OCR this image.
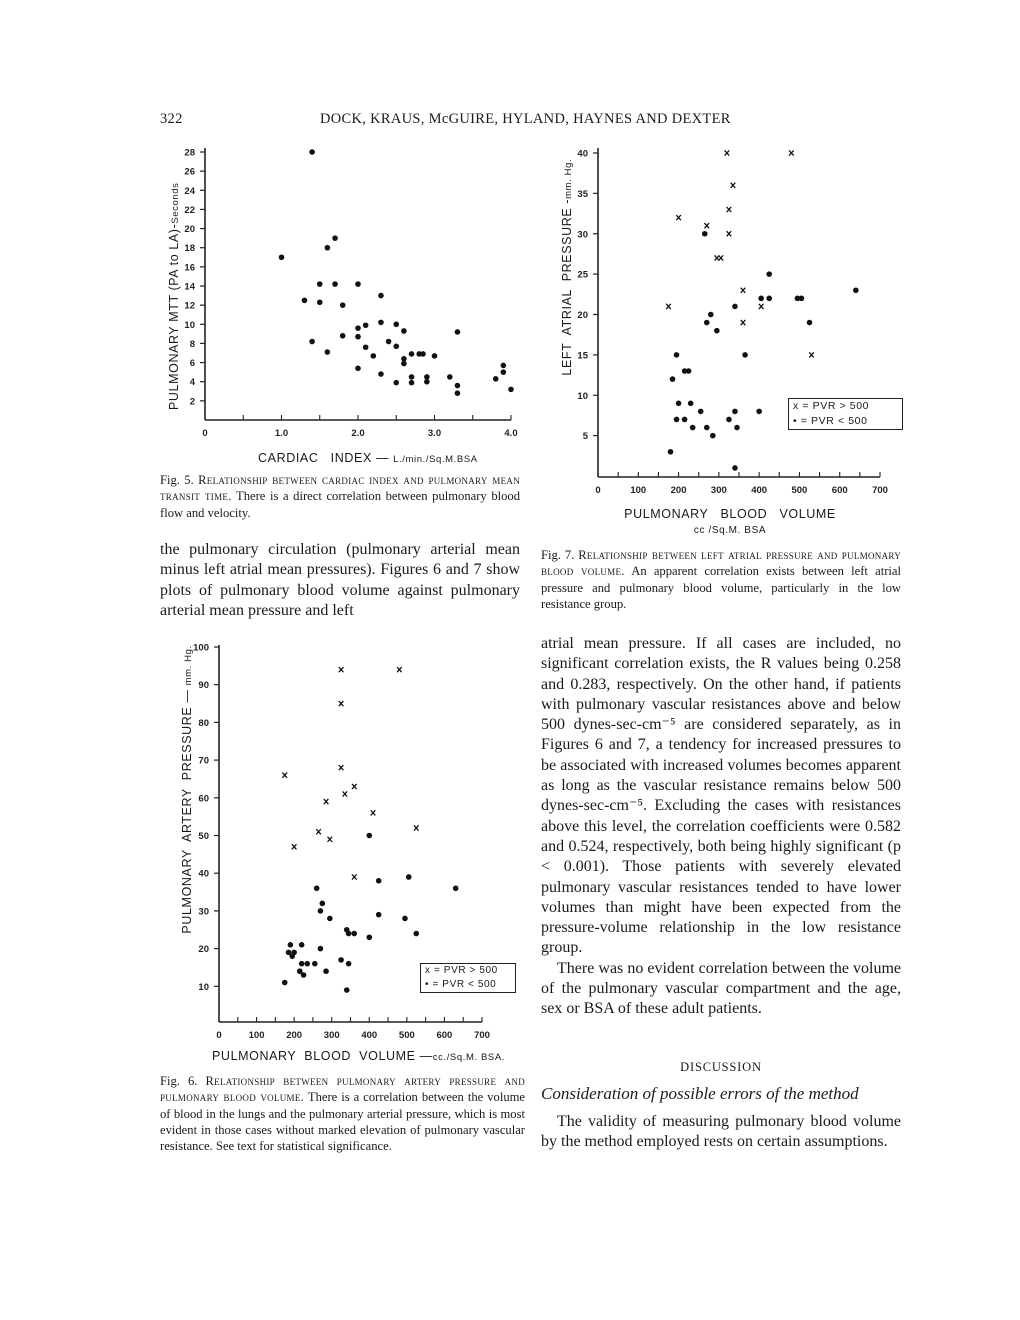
322	DOCK, KRAUS, McGUIRE, HYLAND, HAYNES AND DEXTER
PULMONARY MTT (PA to LA)-Seconds
CARDIAC   INDEX — L./min./Sq.M.BSA
Fig. 5. Relationship between cardiac index and pulmonary mean transit time. There is a direct correlation between pulmonary blood flow and velocity.

the pulmonary circulation (pulmonary arterial mean minus left atrial mean pressures). Figures 6 and 7 show plots of pulmonary blood volume against pulmonary arterial mean pressure and left

LEFT  ATRIAL  PRESSURE -mm. Hg.

PULMONARY   BLOOD   VOLUME
cc /Sq.M. BSA
Fig. 7. Relationship between left atrial pressure and pulmonary blood volume. An apparent correlation exists between left atrial pressure and pulmonary blood volume, particularly in the low resistance group.
x = PVR > 500
• = PVR < 500

atrial mean pressure. If all cases are included, no significant correlation exists, the R values being 0.258 and 0.283, respectively. On the other hand, if patients with pulmonary vascular resistances above and below 500 dynes-sec-cm⁻⁵ are considered separately, as in Figures 6 and 7, a tendency for increased pressures to be associated with increased volumes becomes apparent as long as the vascular resistance remains below 500 dynes-sec-cm⁻⁵. Excluding the cases with resistances above this level, the correlation coefficients were 0.582 and 0.524, respectively, both being highly significant (p < 0.001). Those patients with severely elevated pulmonary vascular resistances tended to have lower volumes than might have been expected from the pressure-volume relationship in the low resistance group.

There was no evident correlation between the volume of the pulmonary vascular compartment and the age, sex or BSA of these adult patients.

PULMONARY  ARTERY  PRESSURE — mm. Hg.

PULMONARY  BLOOD  VOLUME —cc./Sq.M. BSA.
Fig. 6. Relationship between pulmonary artery pressure and pulmonary blood volume. There is a correlation between the volume of blood in the lungs and the pulmonary arterial pressure, which is most evident in those cases without marked elevation of pulmonary vascular resistance. See text for statistical significance.
x = PVR > 500
• = PVR < 500
DISCUSSION
Consideration of possible errors of the method

The validity of measuring pulmonary blood volume by the method employed rests on certain assumptions.

2
4
6
8
10
12
14
16
18
20
22
24
26
28
0	1.0	2.0	3.0	4.0	5
10
15
20
25
30
35
40
0	100	200	300	400	500	600	700
10
20
30
40
50
60
70
80
90
100
0	100 200 300 400 500 600 700
